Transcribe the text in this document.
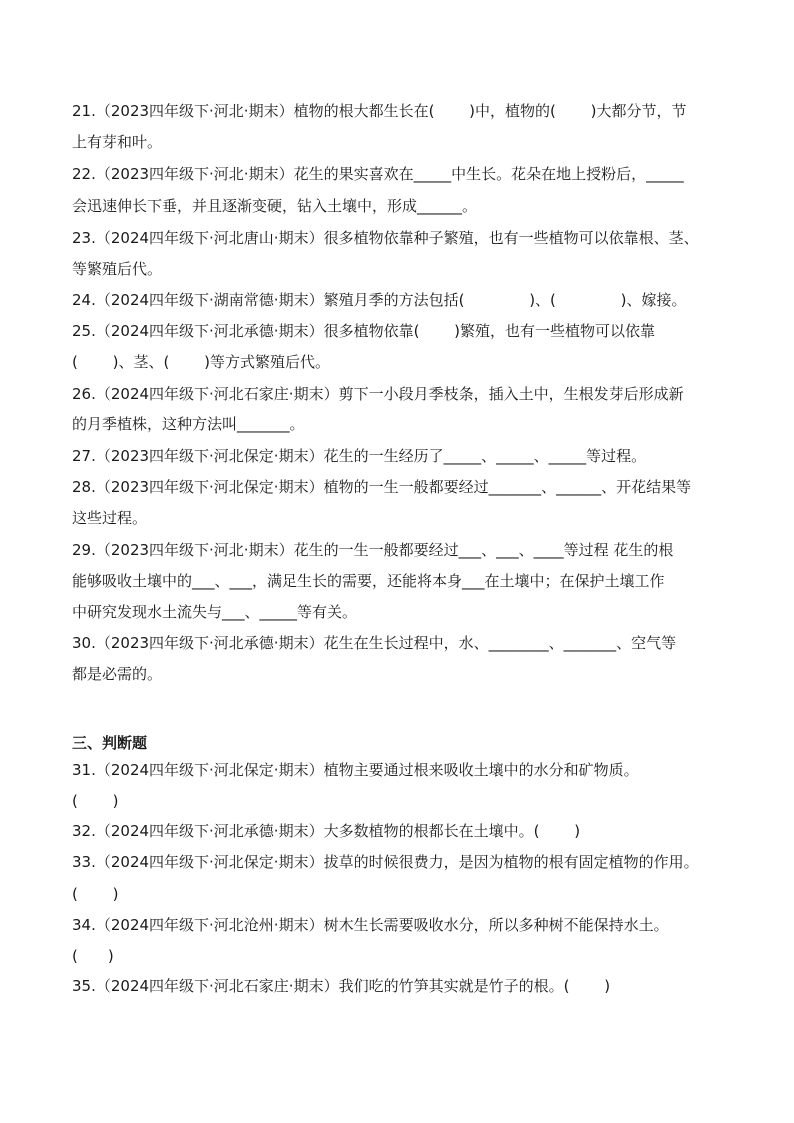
21.（2023四年级下·河北·期末）植物的根大都生长在(　　 )中，植物的(　　 )大都分节，节
上有芽和叶。
22.（2023四年级下·河北·期末）花生的果实喜欢在_____中生长。花朵在地上授粉后，_____
会迅速伸长下垂，并且逐渐变硬，钻入土壤中，形成______。
23.（2024四年级下·河北唐山·期末）很多植物依靠种子繁殖，也有一些植物可以依靠根、茎、
等繁殖后代。
24.（2024四年级下·湖南常德·期末）繁殖月季的方法包括(　　　　 )、(　　　　 )、嫁接。
25.（2024四年级下·河北承德·期末）很多植物依靠(　　 )繁殖，也有一些植物可以依靠
(　　 )、茎、(　　 )等方式繁殖后代。
26.（2024四年级下·河北石家庄·期末）剪下一小段月季枝条，插入土中，生根发芽后形成新
的月季植株，这种方法叫_______。
27.（2023四年级下·河北保定·期末）花生的一生经历了_____、_____、_____等过程。
28.（2023四年级下·河北保定·期末）植物的一生一般都要经过_______、______、开花结果等
这些过程。
29.（2023四年级下·河北·期末）花生的一生一般都要经过___、___、____等过程 花生的根
能够吸收土壤中的___、___，满足生长的需要，还能将本身___在土壤中；在保护土壤工作
中研究发现水土流失与___、_____等有关。
30.（2023四年级下·河北承德·期末）花生在生长过程中，水、________、_______、空气等
都是必需的。
三、判断题
31.（2024四年级下·河北保定·期末）植物主要通过根来吸收土壤中的水分和矿物质。
(　　 )
32.（2024四年级下·河北承德·期末）大多数植物的根都长在土壤中。(　　 )
33.（2024四年级下·河北保定·期末）拔草的时候很费力，是因为植物的根有固定植物的作用。
(　　 )
34.（2024四年级下·河北沧州·期末）树木生长需要吸收水分，所以多种树不能保持水土。
(　　)
35.（2024四年级下·河北石家庄·期末）我们吃的竹笋其实就是竹子的根。(　　 )
